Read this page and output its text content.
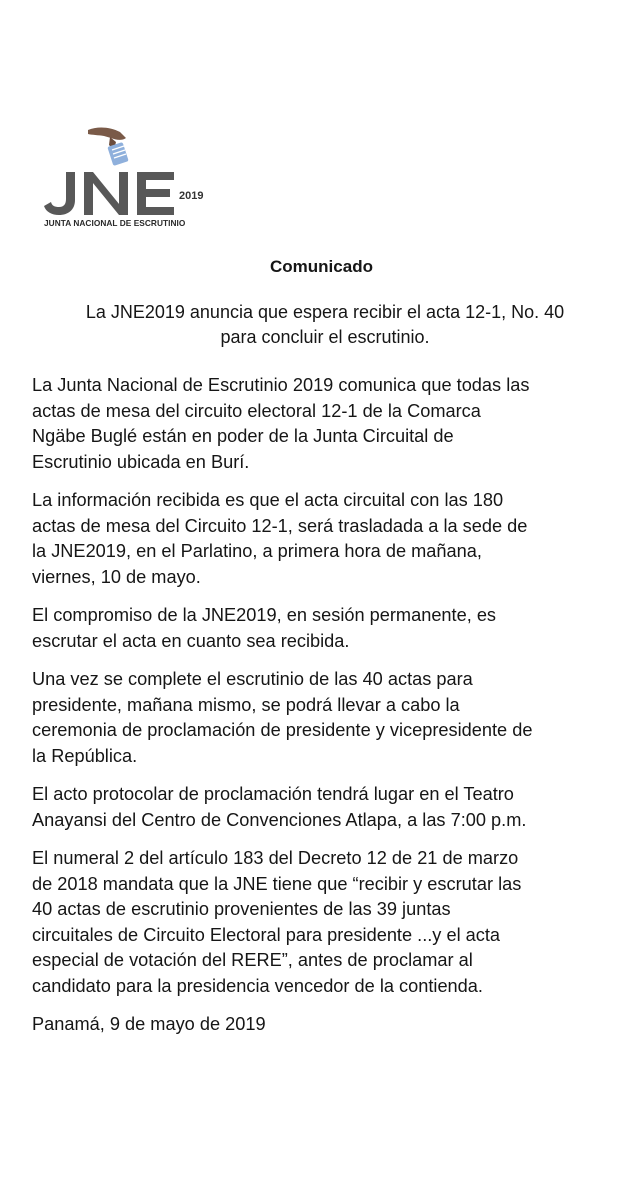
2019
JUNTA NACIONAL DE ESCRUTINIO
Comunicado
La JNE2019 anuncia que espera recibir el acta 12-1, No. 40
para concluir el escrutinio.

La Junta Nacional de Escrutinio 2019 comunica que todas las
actas de mesa del circuito electoral 12-1 de la Comarca
Ngäbe Buglé están en poder de la Junta Circuital de
Escrutinio ubicada en Burí.

La información recibida es que el acta circuital con las 180
actas de mesa del Circuito 12-1, será trasladada a la sede de
la JNE2019, en el Parlatino, a primera hora de mañana,
viernes, 10 de mayo.

El compromiso de la JNE2019, en sesión permanente, es
escrutar el acta en cuanto sea recibida.

Una vez se complete el escrutinio de las 40 actas para
presidente, mañana mismo, se podrá llevar a cabo la
ceremonia de proclamación de presidente y vicepresidente de
la República.

El acto protocolar de proclamación tendrá lugar en el Teatro
Anayansi del Centro de Convenciones Atlapa, a las 7:00 p.m.

El numeral 2 del artículo 183 del Decreto 12 de 21 de marzo
de 2018 mandata que la JNE tiene que “recibir y escrutar las
40 actas de escrutinio provenientes de las 39 juntas
circuitales de Circuito Electoral para presidente ...y el acta
especial de votación del RERE”, antes de proclamar al
candidato para la presidencia vencedor de la contienda.

Panamá, 9 de mayo de 2019
